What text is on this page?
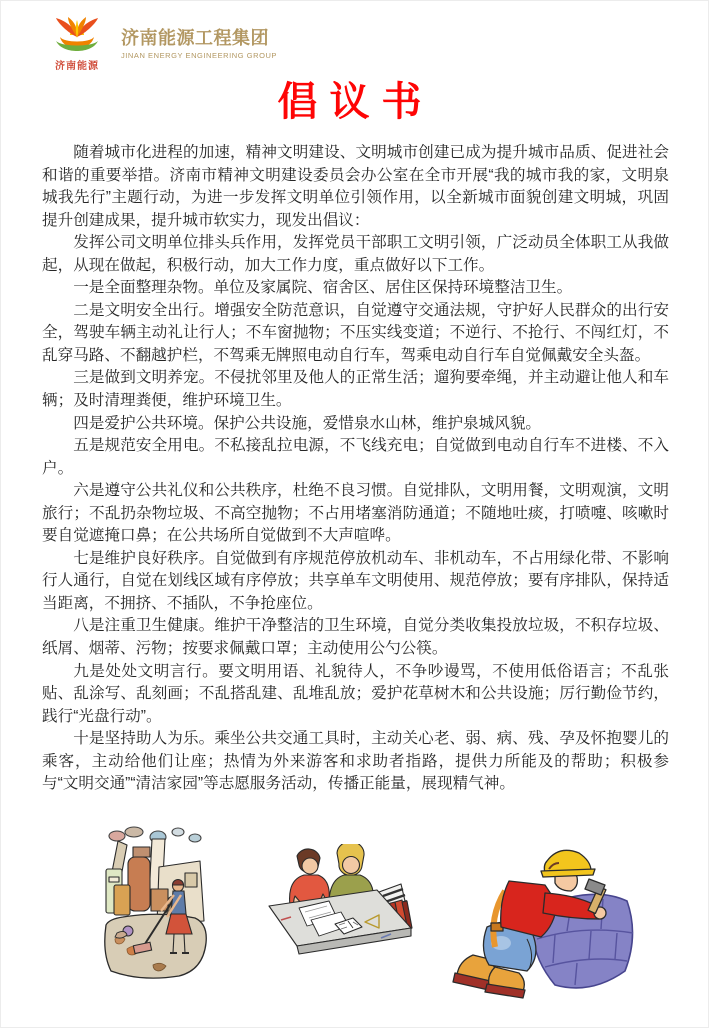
济南能源
济南能源工程集团
JINAN ENERGY ENGINEERING GROUP
倡议书

随着城市化进程的加速，精神文明建设、文明城市创建已成为提升城市品质、促进社会和谐的重要举措。济南市精神文明建设委员会办公室在全市开展“我的城市我的家，文明泉城我先行”主题行动，为进一步发挥文明单位引领作用，以全新城市面貌创建文明城，巩固提升创建成果，提升城市软实力，现发出倡议：

发挥公司文明单位排头兵作用，发挥党员干部职工文明引领，广泛动员全体职工从我做起，从现在做起，积极行动，加大工作力度，重点做好以下工作。

一是全面整理杂物。单位及家属院、宿舍区、居住区保持环境整洁卫生。

二是文明安全出行。增强安全防范意识，自觉遵守交通法规，守护好人民群众的出行安全，驾驶车辆主动礼让行人；不车窗抛物；不压实线变道；不逆行、不抢行、不闯红灯，不乱穿马路、不翻越护栏，不驾乘无牌照电动自行车，驾乘电动自行车自觉佩戴安全头盔。

三是做到文明养宠。不侵扰邻里及他人的正常生活；遛狗要牵绳，并主动避让他人和车辆；及时清理粪便，维护环境卫生。

四是爱护公共环境。保护公共设施，爱惜泉水山林，维护泉城风貌。

五是规范安全用电。不私接乱拉电源，不飞线充电；自觉做到电动自行车不进楼、不入户。

六是遵守公共礼仪和公共秩序，杜绝不良习惯。自觉排队，文明用餐，文明观演，文明旅行；不乱扔杂物垃圾、不高空抛物；不占用堵塞消防通道；不随地吐痰，打喷嚏、咳嗽时要自觉遮掩口鼻；在公共场所自觉做到不大声喧哗。

七是维护良好秩序。自觉做到有序规范停放机动车、非机动车，不占用绿化带、不影响行人通行，自觉在划线区域有序停放；共享单车文明使用、规范停放；要有序排队，保持适当距离，不拥挤、不插队，不争抢座位。

八是注重卫生健康。维护干净整洁的卫生环境，自觉分类收集投放垃圾，不积存垃圾、纸屑、烟蒂、污物；按要求佩戴口罩；主动使用公勺公筷。

九是处处文明言行。要文明用语、礼貌待人，不争吵谩骂，不使用低俗语言；不乱张贴、乱涂写、乱刻画；不乱搭乱建、乱堆乱放；爱护花草树木和公共设施；厉行勤俭节约，践行“光盘行动”。

十是坚持助人为乐。乘坐公共交通工具时，主动关心老、弱、病、残、孕及怀抱婴儿的乘客，主动给他们让座；热情为外来游客和求助者指路，提供力所能及的帮助；积极参与“文明交通”“清洁家园”等志愿服务活动，传播正能量，展现精气神。
